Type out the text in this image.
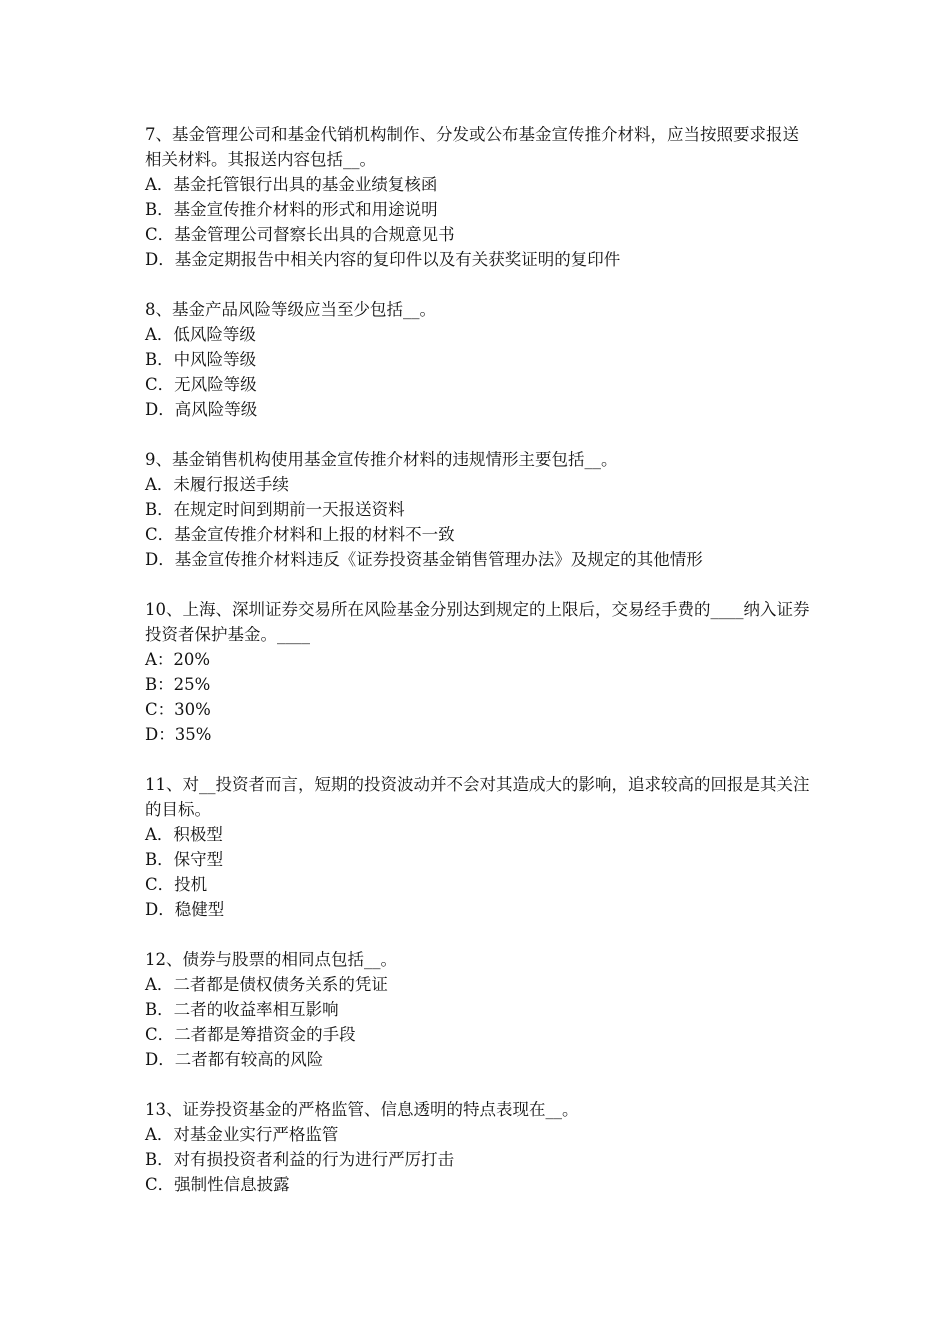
7、基金管理公司和基金代销机构制作、分发或公布基金宣传推介材料，应当按照要求报送相关材料。其报送内容包括__。

A．基金托管银行出具的基金业绩复核函
B．基金宣传推介材料的形式和用途说明
C．基金管理公司督察长出具的合规意见书
D．基金定期报告中相关内容的复印件以及有关获奖证明的复印件

8、基金产品风险等级应当至少包括__。

A．低风险等级
B．中风险等级
C．无风险等级
D．高风险等级

9、基金销售机构使用基金宣传推介材料的违规情形主要包括__。

A．未履行报送手续
B．在规定时间到期前一天报送资料
C．基金宣传推介材料和上报的材料不一致
D．基金宣传推介材料违反《证券投资基金销售管理办法》及规定的其他情形

10、上海、深圳证券交易所在风险基金分别达到规定的上限后，交易经手费的____纳入证券投资者保护基金。____

A：20%
B：25%
C：30%
D：35%

11、对__投资者而言，短期的投资波动并不会对其造成大的影响，追求较高的回报是其关注的目标。

A．积极型
B．保守型
C．投机
D．稳健型

12、债券与股票的相同点包括__。

A．二者都是债权债务关系的凭证
B．二者的收益率相互影响
C．二者都是筹措资金的手段
D．二者都有较高的风险

13、证券投资基金的严格监管、信息透明的特点表现在__。

A．对基金业实行严格监管
B．对有损投资者利益的行为进行严厉打击
C．强制性信息披露
